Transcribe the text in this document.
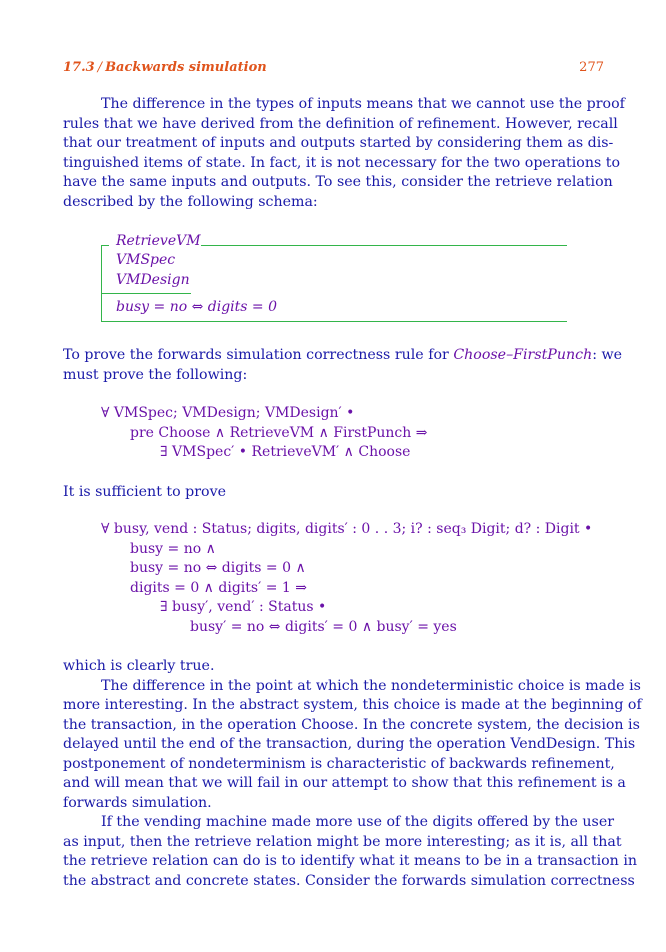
17.3 / Backwards simulation	277
The difference in the types of inputs means that we cannot use the proof
rules that we have derived from the definition of refinement. However, recall
that our treatment of inputs and outputs started by considering them as dis-
tinguished items of state. In fact, it is not necessary for the two operations to
have the same inputs and outputs. To see this, consider the retrieve relation
described by the following schema:
RetrieveVM
VMSpec
VMDesign
busy = no ⇔ digits = 0
To prove the forwards simulation correctness rule for Choose–FirstPunch: we
must prove the following:
∀ VMSpec; VMDesign; VMDesign′ •
pre Choose ∧ RetrieveVM ∧ FirstPunch ⇒
∃ VMSpec′ • RetrieveVM′ ∧ Choose
It is sufficient to prove
∀ busy, vend : Status; digits, digits′ : 0 . . 3; i? : seq₃ Digit; d? : Digit •
busy = no ∧
busy = no ⇔ digits = 0 ∧
digits = 0 ∧ digits′ = 1 ⇒
∃ busy′, vend′ : Status •
busy′ = no ⇔ digits′ = 0 ∧ busy′ = yes
which is clearly true.
The difference in the point at which the nondeterministic choice is made is
more interesting. In the abstract system, this choice is made at the beginning of
the transaction, in the operation Choose. In the concrete system, the decision is
delayed until the end of the transaction, during the operation VendDesign. This
postponement of nondeterminism is characteristic of backwards refinement,
and will mean that we will fail in our attempt to show that this refinement is a
forwards simulation.
If the vending machine made more use of the digits offered by the user
as input, then the retrieve relation might be more interesting; as it is, all that
the retrieve relation can do is to identify what it means to be in a transaction in
the abstract and concrete states. Consider the forwards simulation correctness
